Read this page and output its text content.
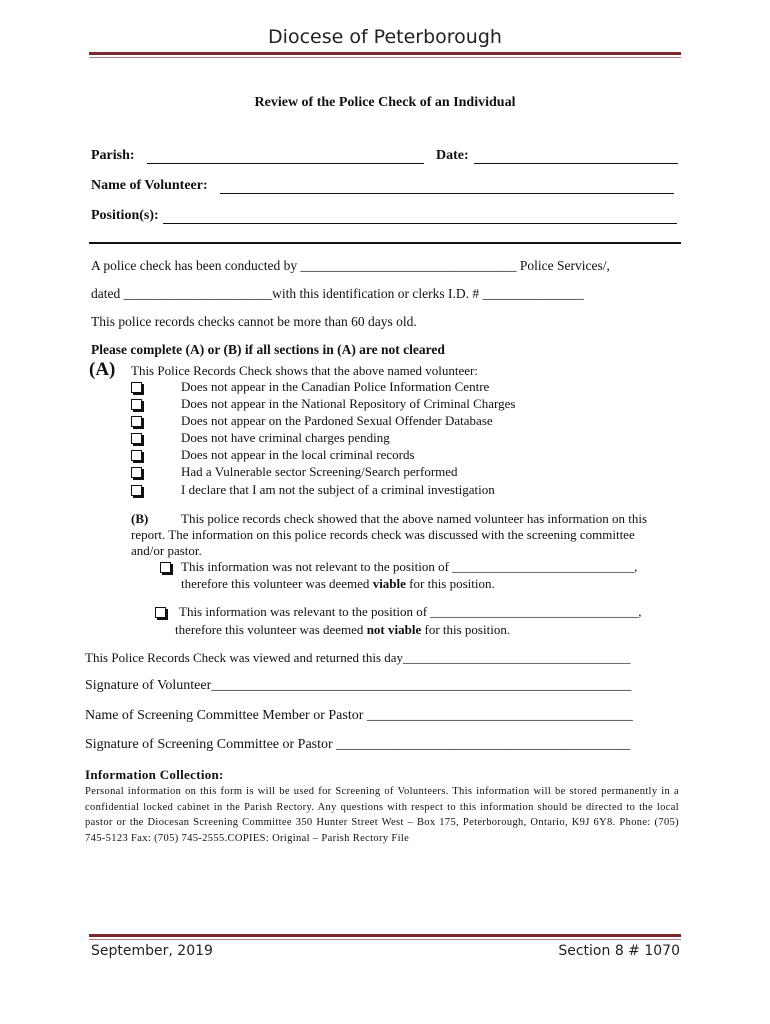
Diocese of Peterborough
Review of the Police Check of an Individual
Parish:	Date:
Name of Volunteer:
Position(s):
A police check has been conducted by ________________________________ Police Services/,
dated ______________________with this identification or clerks I.D. # _______________
This police records checks cannot be more than 60 days old.
Please complete (A) or (B) if all sections in (A) are not cleared
(A) This Police Records Check shows that the above named volunteer:
Does not appear in the Canadian Police Information Centre
Does not appear in the National Repository of Criminal Charges
Does not appear on the Pardoned Sexual Offender Database
Does not have criminal charges pending
Does not appear in the local criminal records
Had a Vulnerable sector Screening/Search performed
I declare that I am not the subject of a criminal investigation
(B)	This police records check showed that the above named volunteer has information on this
report. The information on this police records check was discussed with the screening committee
and/or pastor.
This information was not relevant to the position of ____________________________,
therefore this volunteer was deemed viable for this position.
This information was relevant to the position of ________________________________,
therefore this volunteer was deemed not viable for this position.
This Police Records Check was viewed and returned this day___________________________________
Signature of Volunteer____________________________________________________________
Name of Screening Committee Member or Pastor ______________________________________
Signature of Screening Committee or Pastor __________________________________________
Information Collection:
Personal information on this form is will be used for Screening of Volunteers. This information will be stored permanently in a confidential locked cabinet in the Parish Rectory. Any questions with respect to this information should be directed to the local pastor or the Diocesan Screening Committee 350 Hunter Street West – Box 175, Peterborough, Ontario, K9J 6Y8. Phone: (705) 745-5123 Fax: (705) 745-2555.COPIES: Original – Parish Rectory File
September, 2019	Section 8 # 1070
